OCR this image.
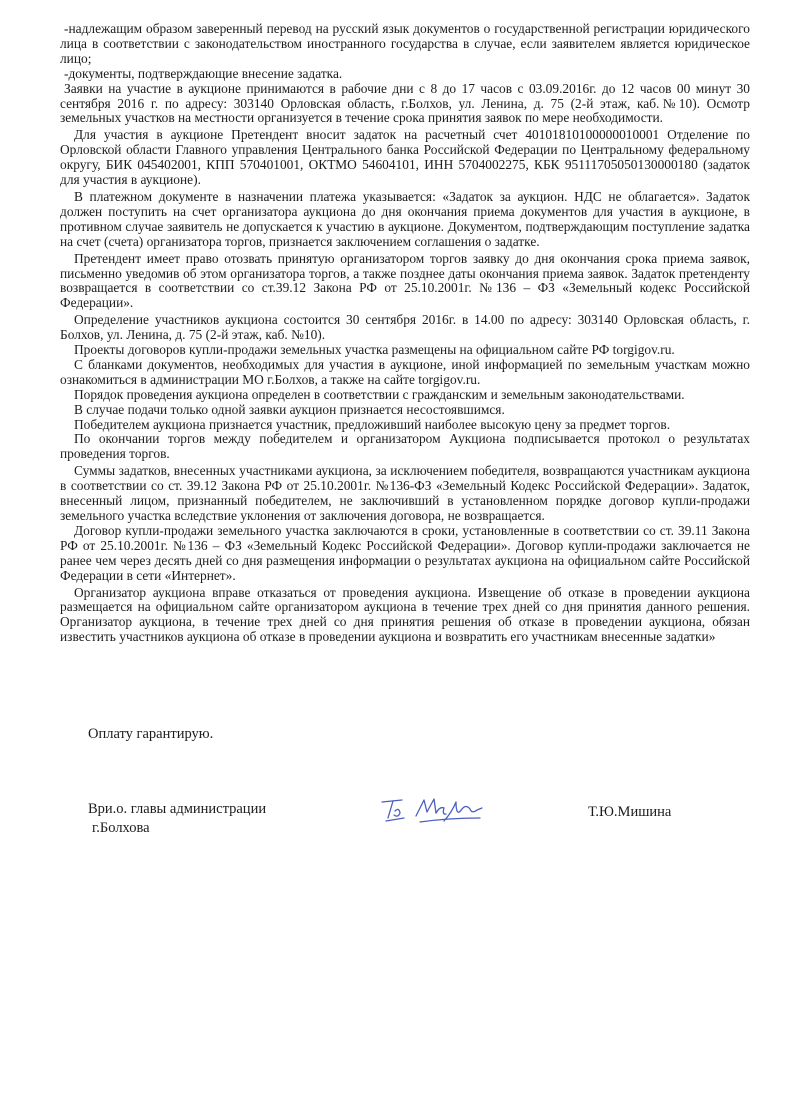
-надлежащим образом заверенный перевод на русский язык документов о государственной регистрации юридического лица в соответствии с законодательством иностранного государства в случае, если заявителем является юридическое лицо;

-документы, подтверждающие внесение задатка.

Заявки на участие в аукционе принимаются в рабочие дни с 8 до 17 часов с 03.09.2016г. до 12 часов 00 минут 30 сентября 2016 г. по адресу: 303140 Орловская область, г.Болхов, ул. Ленина, д. 75 (2-й этаж, каб.№10). Осмотр земельных участков на местности организуется в течение срока принятия заявок по мере необходимости.

Для участия в аукционе Претендент вносит задаток на расчетный счет 40101810100000010001 Отделение по Орловской области Главного управления Центрального банка Российской Федерации по Центральному федеральному округу, БИК 045402001, КПП 570401001, ОКТМО 54604101, ИНН 5704002275, КБК 95111705050130000180 (задаток для участия в аукционе).

В платежном документе в назначении платежа указывается: «Задаток за аукцион. НДС не облагается». Задаток должен поступить на счет организатора аукциона до дня окончания приема документов для участия в аукционе, в противном случае заявитель не допускается к участию в аукционе. Документом, подтверждающим поступление задатка на счет (счета) организатора торгов, признается заключением соглашения о задатке.

Претендент имеет право отозвать принятую организатором торгов заявку до дня окончания срока приема заявок, письменно уведомив об этом организатора торгов, а также позднее даты окончания приема заявок. Задаток претенденту возвращается в соответствии со ст.39.12 Закона РФ от 25.10.2001г. №136 – ФЗ «Земельный кодекс Российской Федерации».

Определение участников аукциона состоится 30 сентября 2016г. в 14.00 по адресу: 303140 Орловская область, г. Болхов, ул. Ленина, д. 75 (2-й этаж, каб. №10).

Проекты договоров купли-продажи земельных участка размещены на официальном сайте РФ torgigov.ru.

С бланками документов, необходимых для участия в аукционе, иной информацией по земельным участкам можно ознакомиться в администрации МО г.Болхов, а также на сайте torgigov.ru.

Порядок проведения аукциона определен в соответствии с гражданским и земельным законодательствами.

В случае подачи только одной заявки аукцион признается несостоявшимся.

Победителем аукциона признается участник, предложивший наиболее высокую цену за предмет торгов.

По окончании торгов между победителем и организатором Аукциона подписывается протокол о результатах проведения торгов.

Суммы задатков, внесенных участниками аукциона, за исключением победителя, возвращаются участникам аукциона в соответствии со ст. 39.12 Закона РФ от 25.10.2001г. №136-ФЗ «Земельный Кодекс Российской Федерации». Задаток, внесенный лицом, признанный победителем, не заключивший в установленном порядке договор купли-продажи земельного участка вследствие уклонения от заключения договора, не возвращается.

Договор купли-продажи земельного участка заключаются в сроки, установленные в соответствии со ст. 39.11 Закона РФ от 25.10.2001г. №136 – ФЗ «Земельный Кодекс Российской Федерации». Договор купли-продажи заключается не ранее чем через десять дней со дня размещения информации о результатах аукциона на официальном сайте Российской Федерации в сети «Интернет».

Организатор аукциона вправе отказаться от проведения аукциона. Извещение об отказе в проведении аукциона размещается на официальном сайте организатором аукциона в течение трех дней со дня принятия данного решения. Организатор аукциона, в течение трех дней со дня принятия решения об отказе в проведении аукциона, обязан известить участников аукциона об отказе в проведении аукциона и возвратить его участникам внесенные задатки»

Оплату гарантирую.
Ври.о. главы администрации
г.Болхова
Т.Ю.Мишина
